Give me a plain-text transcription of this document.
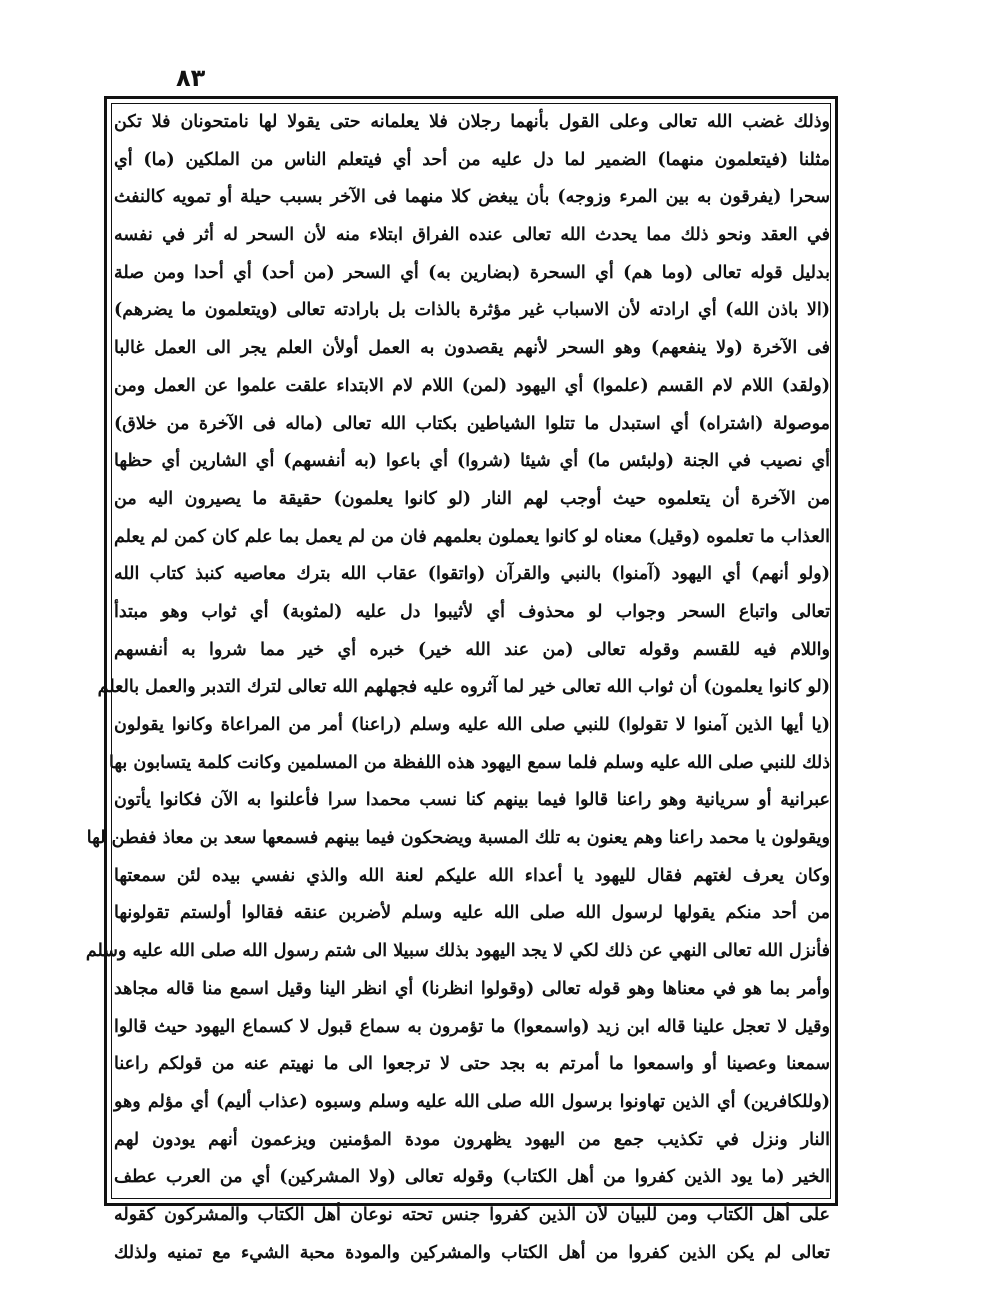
٨٣
وذلك غضب الله تعالى وعلى القول بأنهما رجلان فلا يعلمانه حتى يقولا لها نامتحونان فلا تكن
مثلنا (فيتعلمون منهما) الضمير لما دل عليه من أحد أي فيتعلم الناس من الملكين (ما) أي
سحرا (يفرقون به بين المرء وزوجه) بأن يبغض كلا منهما فى الآخر بسبب حيلة أو تمويه كالنفث
في العقد ونحو ذلك مما يحدث الله تعالى عنده الفراق ابتلاء منه لأن السحر له أثر في نفسه
بدليل قوله تعالى (وما هم) أي السحرة (بضارين به) أي السحر (من أحد) أي أحدا ومن صلة
(الا باذن الله) أي ارادته لأن الاسباب غير مؤثرة بالذات بل بارادته تعالى (ويتعلمون ما يضرهم)
فى الآخرة (ولا ينفعهم) وهو السحر لأنهم يقصدون به العمل أولأن العلم يجر الى العمل غالبا
(ولقد) اللام لام القسم (علموا) أي اليهود (لمن) اللام لام الابتداء علقت علموا عن العمل ومن
موصولة (اشتراه) أي استبدل ما تتلوا الشياطين بكتاب الله تعالى (ماله فى الآخرة من خلاق)
أي نصيب في الجنة (ولبئس ما) أي شيئا (شروا) أي باعوا (به أنفسهم) أي الشارين أي حظها
من الآخرة أن يتعلموه حيث أوجب لهم النار (لو كانوا يعلمون) حقيقة ما يصيرون اليه من
العذاب ما تعلموه (وقيل) معناه لو كانوا يعملون بعلمهم فان من لم يعمل بما علم كان كمن لم يعلم
(ولو أنهم) أي اليهود (آمنوا) بالنبي والقرآن (واتقوا) عقاب الله بترك معاصيه كنبذ كتاب الله
تعالى واتباع السحر وجواب لو محذوف أي لأثيبوا دل عليه (لمثوبة) أي ثواب وهو مبتدأ
واللام فيه للقسم وقوله تعالى (من عند الله خير) خبره أي خير مما شروا به أنفسهم
(لو كانوا يعلمون) أن ثواب الله تعالى خير لما آثروه عليه فجهلهم الله تعالى لترك التدبر والعمل بالعلم
(يا أيها الذين آمنوا لا تقولوا) للنبي صلى الله عليه وسلم (راعنا) أمر من المراعاة وكانوا يقولون
ذلك للنبي صلى الله عليه وسلم فلما سمع اليهود هذه اللفظة من المسلمين وكانت كلمة يتسابون بها
عبرانية أو سريانية وهو راعنا قالوا فيما بينهم كنا نسب محمدا سرا فأعلنوا به الآن فكانوا يأتون
ويقولون يا محمد راعنا وهم يعنون به تلك المسبة ويضحكون فيما بينهم فسمعها سعد بن معاذ ففطن لها
وكان يعرف لغتهم فقال لليهود يا أعداء الله عليكم لعنة الله والذي نفسي بيده لئن سمعتها
من أحد منكم يقولها لرسول الله صلى الله عليه وسلم لأضربن عنقه فقالوا أولستم تقولونها
فأنزل الله تعالى النهي عن ذلك لكي لا يجد اليهود بذلك سبيلا الى شتم رسول الله صلى الله عليه وسلم
وأمر بما هو في معناها وهو قوله تعالى (وقولوا انظرنا) أي انظر الينا وقيل اسمع منا قاله مجاهد
وقيل لا تعجل علينا قاله ابن زيد (واسمعوا) ما تؤمرون به سماع قبول لا كسماع اليهود حيث قالوا
سمعنا وعصينا أو واسمعوا ما أمرتم به بجد حتى لا ترجعوا الى ما نهيتم عنه من قولكم راعنا
(وللكافرين) أي الذين تهاونوا برسول الله صلى الله عليه وسلم وسبوه (عذاب أليم) أي مؤلم وهو
النار ونزل في تكذيب جمع من اليهود يظهرون مودة المؤمنين ويزعمون أنهم يودون لهم
الخير (ما يود الذين كفروا من أهل الكتاب) وقوله تعالى (ولا المشركين) أي من العرب عطف
على أهل الكتاب ومن للبيان لأن الذين كفروا جنس تحته نوعان أهل الكتاب والمشركون كقوله
تعالى لم يكن الذين كفروا من أهل الكتاب والمشركين والمودة محبة الشيء مع تمنيه ولذلك
